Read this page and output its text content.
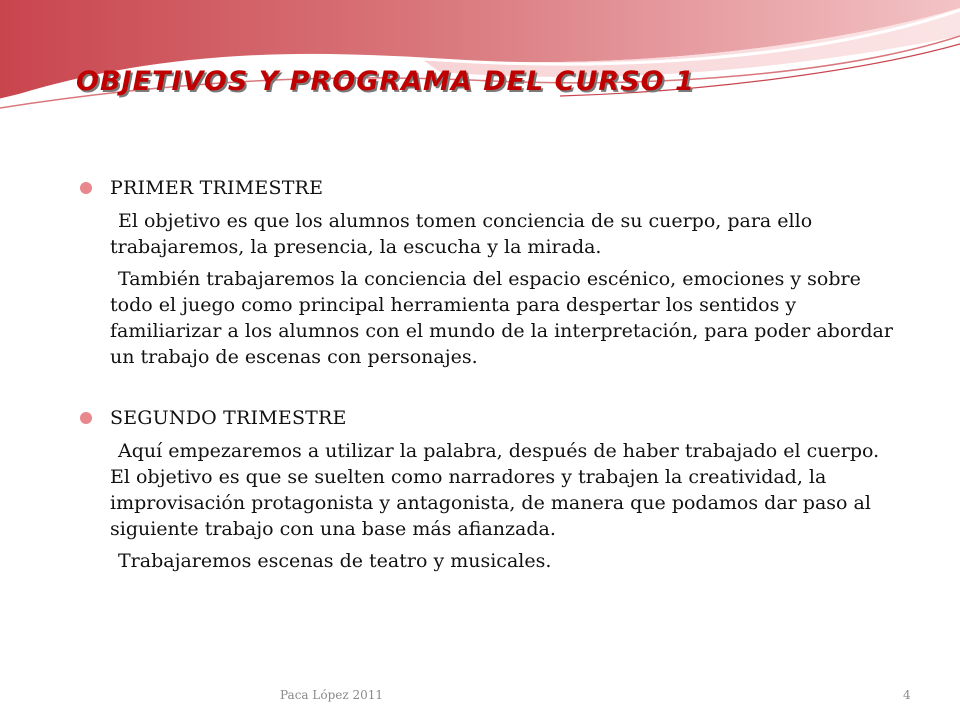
OBJETIVOS Y PROGRAMA DEL CURSO 1
PRIMER TRIMESTRE

El objetivo es que los alumnos tomen conciencia de su cuerpo, para ello trabajaremos, la presencia, la escucha y la mirada.

También trabajaremos la conciencia del espacio escénico, emociones y sobre todo el juego como principal herramienta para despertar los sentidos y familiarizar a los alumnos con el mundo de la interpretación, para poder abordar un trabajo de escenas con personajes.

SEGUNDO TRIMESTRE

Aquí empezaremos a utilizar la palabra, después de haber trabajado el cuerpo. El objetivo es que se suelten como narradores y trabajen la creatividad, la improvisación protagonista y antagonista, de manera que podamos dar paso al siguiente trabajo con una base más afianzada.

Trabajaremos escenas de teatro y musicales.

Paca López 2011	4
